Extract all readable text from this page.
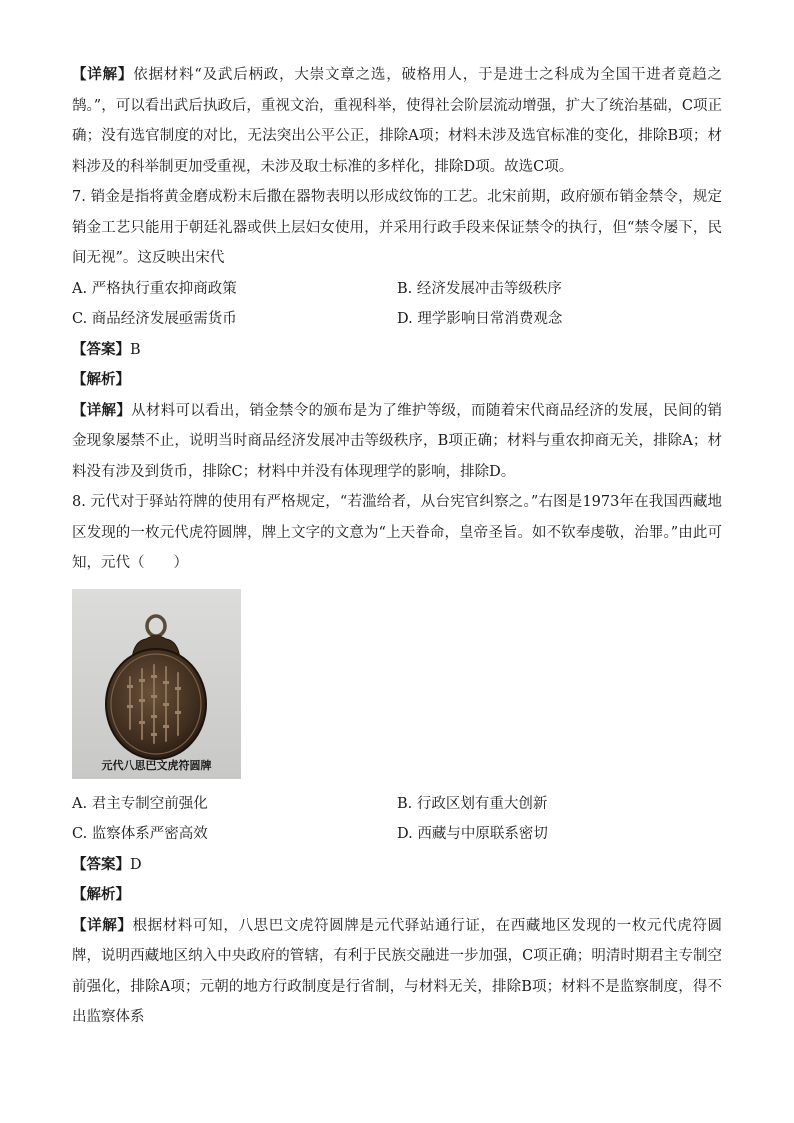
【详解】依据材料“及武后柄政，大崇文章之选，破格用人，于是进士之科成为全国干进者竟趋之鹄。”，可以看出武后执政后，重视文治，重视科举，使得社会阶层流动增强，扩大了统治基础，C项正确；没有选官制度的对比，无法突出公平公正，排除A项；材料未涉及选官标准的变化，排除B项；材料涉及的科举制更加受重视，未涉及取士标准的多样化，排除D项。故选C项。

7. 销金是指将黄金磨成粉末后撒在器物表明以形成纹饰的工艺。北宋前期，政府颁布销金禁令，规定销金工艺只能用于朝廷礼器或供上层妇女使用，并采用行政手段来保证禁令的执行，但“禁令屡下，民间无视”。这反映出宋代

A. 严格执行重农抑商政策	B. 经济发展冲击等级秩序
C. 商品经济发展亟需货币	D. 理学影响日常消费观念

【答案】B

【解析】

【详解】从材料可以看出，销金禁令的颁布是为了维护等级，而随着宋代商品经济的发展，民间的销金现象屡禁不止，说明当时商品经济发展冲击等级秩序，B项正确；材料与重农抑商无关，排除A；材料没有涉及到货币，排除C；材料中并没有体现理学的影响，排除D。

8. 元代对于驿站符牌的使用有严格规定，“若滥给者，从台宪官纠察之。”右图是1973年在我国西藏地区发现的一枚元代虎符圆牌，牌上文字的文意为“上天眷命，皇帝圣旨。如不钦奉虔敬，治罪。”由此可知，元代（　　）

元代八思巴文虎符圆牌
A. 君主专制空前强化	B. 行政区划有重大创新
C. 监察体系严密高效	D. 西藏与中原联系密切

【答案】D

【解析】

【详解】根据材料可知，八思巴文虎符圆牌是元代驿站通行证，在西藏地区发现的一枚元代虎符圆牌，说明西藏地区纳入中央政府的管辖，有利于民族交融进一步加强，C项正确；明清时期君主专制空前强化，排除A项；元朝的地方行政制度是行省制，与材料无关，排除B项；材料不是监察制度，得不出监察体系
